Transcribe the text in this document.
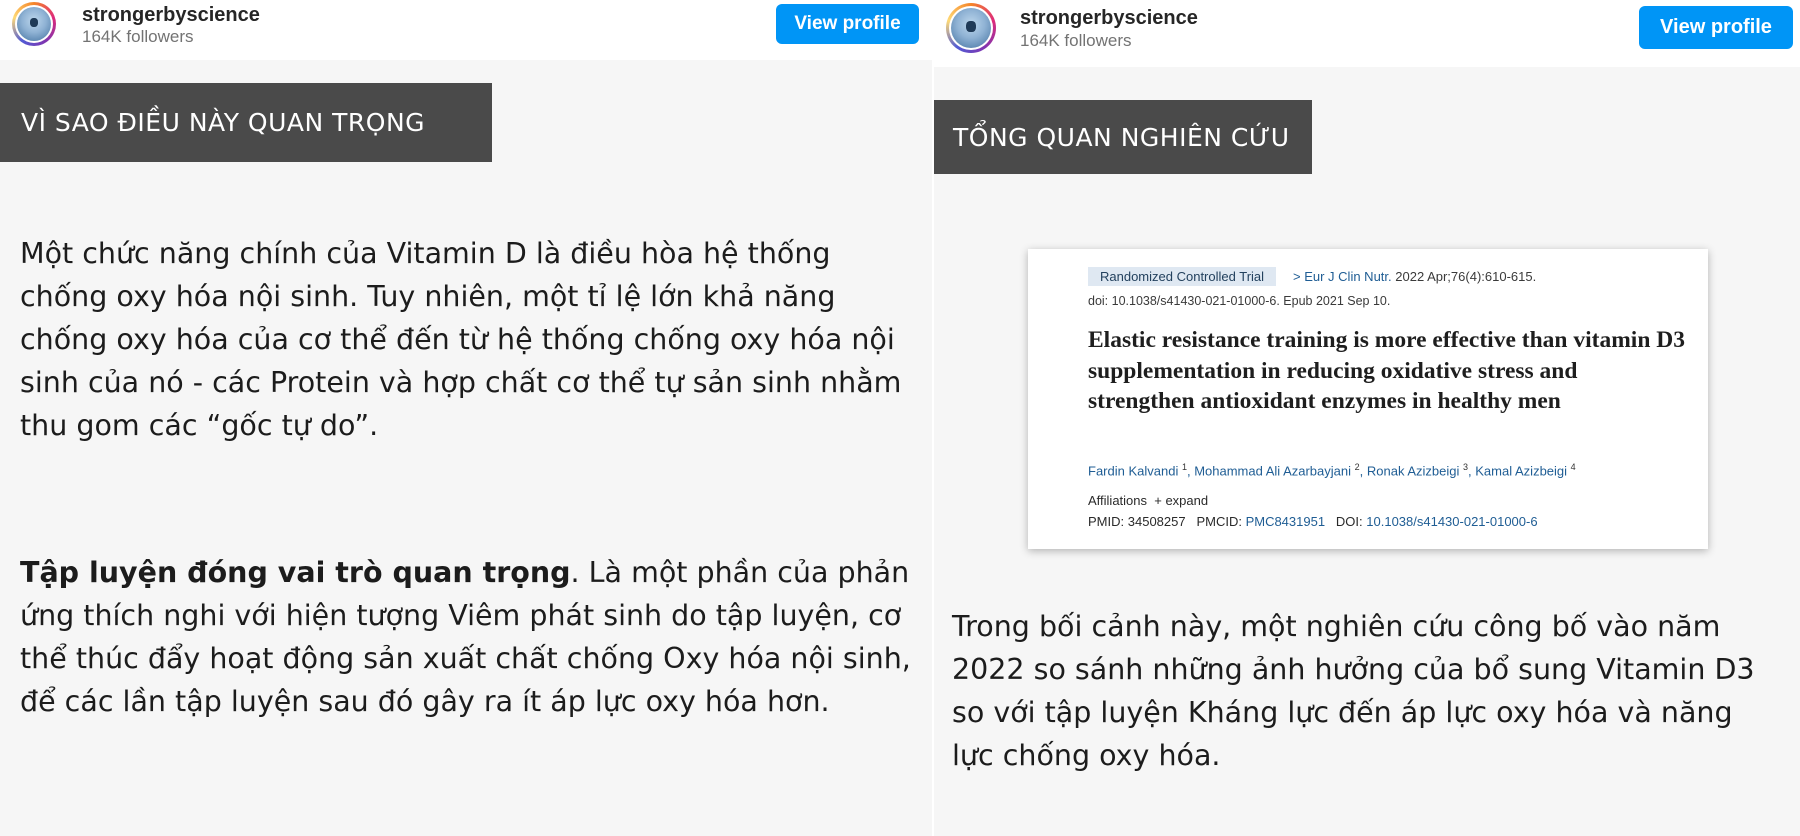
strongerbyscience
164K followers
View profile
VÌ SAO ĐIỀU NÀY QUAN TRỌNG

Một chức năng chính của Vitamin D là điều hòa hệ thống chống oxy hóa nội sinh. Tuy nhiên, một tỉ lệ lớn khả năng chống oxy hóa của cơ thể đến từ hệ thống chống oxy hóa nội sinh của nó - các Protein và hợp chất cơ thể tự sản sinh nhằm thu gom các “gốc tự do”.

Tập luyện đóng vai trò quan trọng. Là một phần của phản ứng thích nghi với hiện tượng Viêm phát sinh do tập luyện, cơ thể thúc đẩy hoạt động sản xuất chất chống Oxy hóa nội sinh, để các lần tập luyện sau đó gây ra ít áp lực oxy hóa hơn.

strongerbyscience
164K followers
View profile
TỔNG QUAN NGHIÊN CỨU
Randomized Controlled Trial	> Eur J Clin Nutr. 2022 Apr;76(4):610-615.
doi: 10.1038/s41430-021-01000-6. Epub 2021 Sep 10.
Elastic resistance training is more effective than vitamin D3 supplementation in reducing oxidative stress and strengthen antioxidant enzymes in healthy men
Fardin Kalvandi $^1$, Mohammad Ali Azarbayjani $^2$, Ronak Azizbeigi $^3$, Kamal Azizbeigi $^4$
Affiliations + expand
PMID: 34508257 PMCID: PMC8431951 DOI: 10.1038/s41430-021-01000-6

Trong bối cảnh này, một nghiên cứu công bố vào năm 2022 so sánh những ảnh hưởng của bổ sung Vitamin D3 so với tập luyện Kháng lực đến áp lực oxy hóa và năng lực chống oxy hóa.
